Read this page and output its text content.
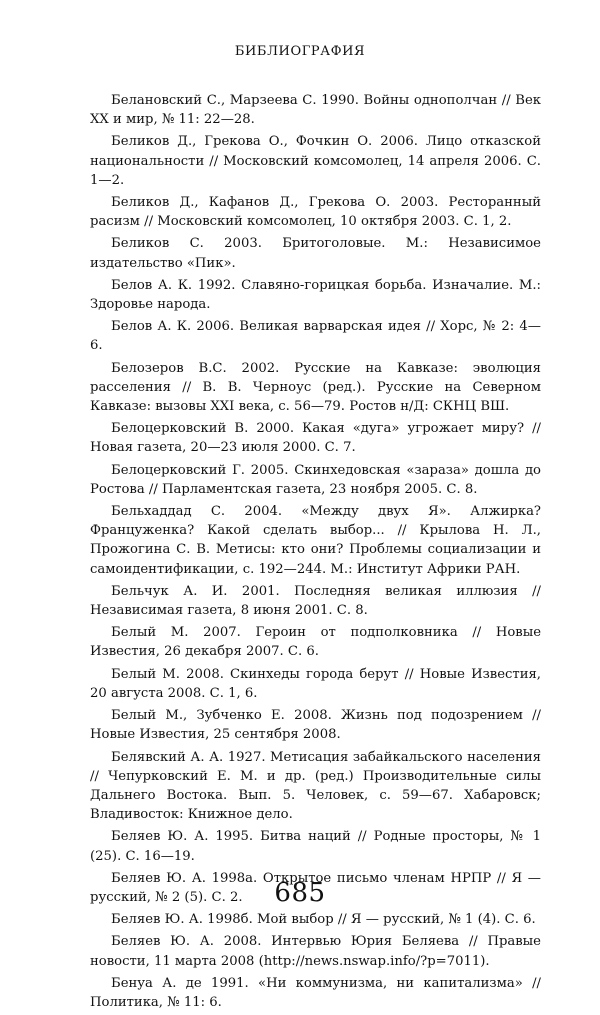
БИБЛИОГРАФИЯ

Белановский С., Марзеева С. 1990. Войны однополчан // Век XX и мир, № 11: 22—28.

Беликов Д., Грекова О., Фочкин О. 2006. Лицо отказской национальности // Московский комсомолец, 14 апреля 2006. С. 1—2.

Беликов Д., Кафанов Д., Грекова О. 2003. Ресторанный расизм // Московский комсомолец, 10 октября 2003. С. 1, 2.

Беликов С. 2003. Бритоголовые. М.: Независимое издательство «Пик».

Белов А. К. 1992. Славяно-горицкая борьба. Изначалие. М.: Здоровье народа.

Белов А. К. 2006. Великая варварская идея // Хорс, № 2: 4—6.

Белозеров В.С. 2002. Русские на Кавказе: эволюция расселения // В. В. Черноус (ред.). Русские на Северном Кавказе: вызовы XXI века, с. 56—79. Ростов н/Д: СКНЦ ВШ.

Белоцерковский В. 2000. Какая «дуга» угрожает миру? // Новая газета, 20—23 июля 2000. С. 7.

Белоцерковский Г. 2005. Скинхедовская «зараза» дошла до Ростова // Парламентская газета, 23 ноября 2005. С. 8.

Бельхаддад С. 2004. «Между двух Я». Алжирка? Француженка? Какой сделать выбор... // Крылова Н. Л., Прожогина С. В. Метисы: кто они? Проблемы социализации и самоидентификации, с. 192—244. М.: Институт Африки РАН.

Бельчук А. И. 2001. Последняя великая иллюзия // Независимая газета, 8 июня 2001. С. 8.

Белый М. 2007. Героин от подполковника // Новые Известия, 26 декабря 2007. С. 6.

Белый М. 2008. Скинхеды города берут // Новые Известия, 20 августа 2008. С. 1, 6.

Белый М., Зубченко Е. 2008. Жизнь под подозрением // Новые Известия, 25 сентября 2008.

Белявский А. А. 1927. Метисация забайкальского населения // Чепурковский Е. М. и др. (ред.) Производительные силы Дальнего Востока. Вып. 5. Человек, с. 59—67. Хабаровск; Владивосток: Книжное дело.

Беляев Ю. А. 1995. Битва наций // Родные просторы, № 1 (25). С. 16—19.

Беляев Ю. А. 1998а. Открытое письмо членам НРПР // Я — русский, № 2 (5). С. 2.

Беляев Ю. А. 1998б. Мой выбор // Я — русский, № 1 (4). С. 6.

Беляев Ю. А. 2008. Интервью Юрия Беляева // Правые новости, 11 марта 2008 (http://news.nswap.info/?p=7011).

Бенуа А. де 1991. «Ни коммунизма, ни капитализма» // Политика, № 11: 6.

685
